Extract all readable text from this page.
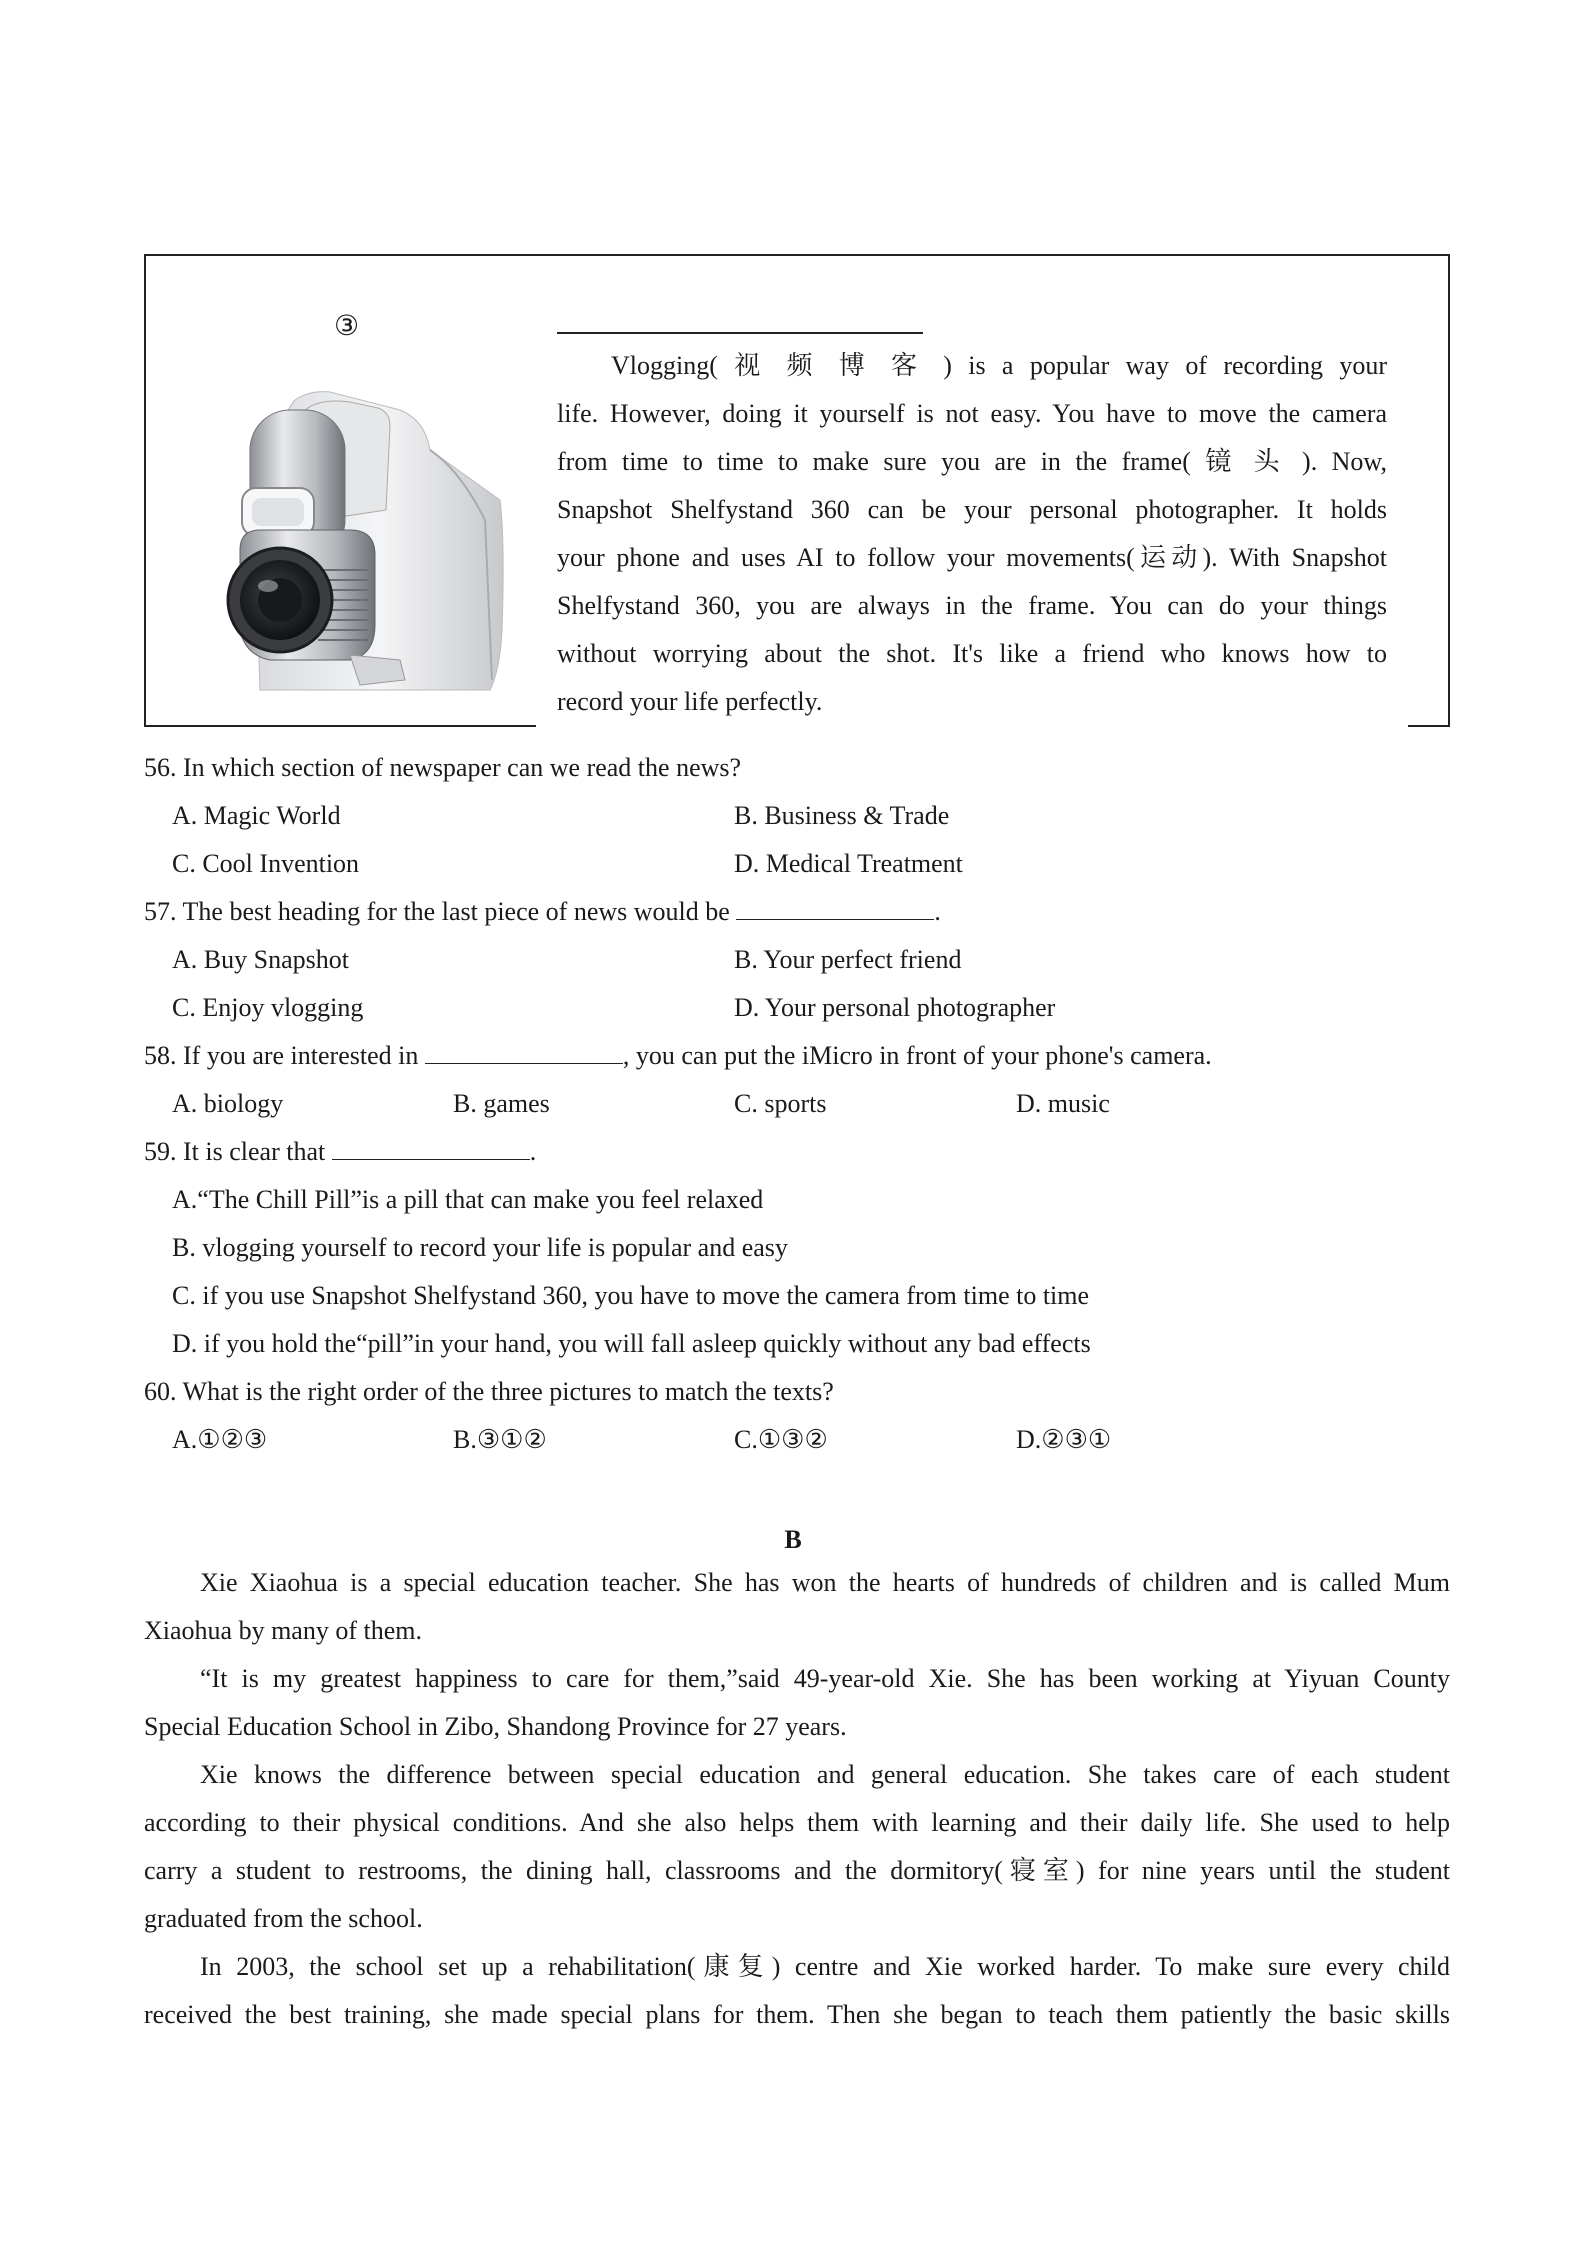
③
Vlogging( 视 频 博 客 ) is a popular way of recording your
life. However, doing it yourself is not easy. You have to move the camera
from time to time to make sure you are in the frame( 镜 头 ). Now,
Snapshot Shelfystand 360 can be your personal photographer. It holds
your phone and uses AI to follow your movements(运动). With Snapshot
Shelfystand 360, you are always in the frame. You can do your things
without worrying about the shot. It's like a friend who knows how to
record your life perfectly.
56. In which section of newspaper can we read the news?
A. Magic World	B. Business & Trade
C. Cool Invention	D. Medical Treatment
57. The best heading for the last piece of news would be	.
A. Buy Snapshot	B. Your perfect friend
C. Enjoy vlogging	D. Your personal photographer
58. If you are interested in	, you can put the iMicro in front of your phone's camera.
A. biology	B. games	C. sports	D. music
59. It is clear that	.
A.“The Chill Pill”is a pill that can make you feel relaxed
B. vlogging yourself to record your life is popular and easy
C. if you use Snapshot Shelfystand 360, you have to move the camera from time to time
D. if you hold the“pill”in your hand, you will fall asleep quickly without any bad effects
60. What is the right order of the three pictures to match the texts?
A.①②③	B.③①②	C.①③②	D.②③①
B
Xie Xiaohua is a special education teacher. She has won the hearts of hundreds of children and is called Mum
Xiaohua by many of them.
“It is my greatest happiness to care for them,”said 49-year-old Xie. She has been working at Yiyuan County
Special Education School in Zibo, Shandong Province for 27 years.
Xie knows the difference between special education and general education. She takes care of each student
according to their physical conditions. And she also helps them with learning and their daily life. She used to help
carry a student to restrooms, the dining hall, classrooms and the dormitory(寝室) for nine years until the student
graduated from the school.
In 2003, the school set up a rehabilitation(康复) centre and Xie worked harder. To make sure every child
received the best training, she made special plans for them. Then she began to teach them patiently the basic skills
